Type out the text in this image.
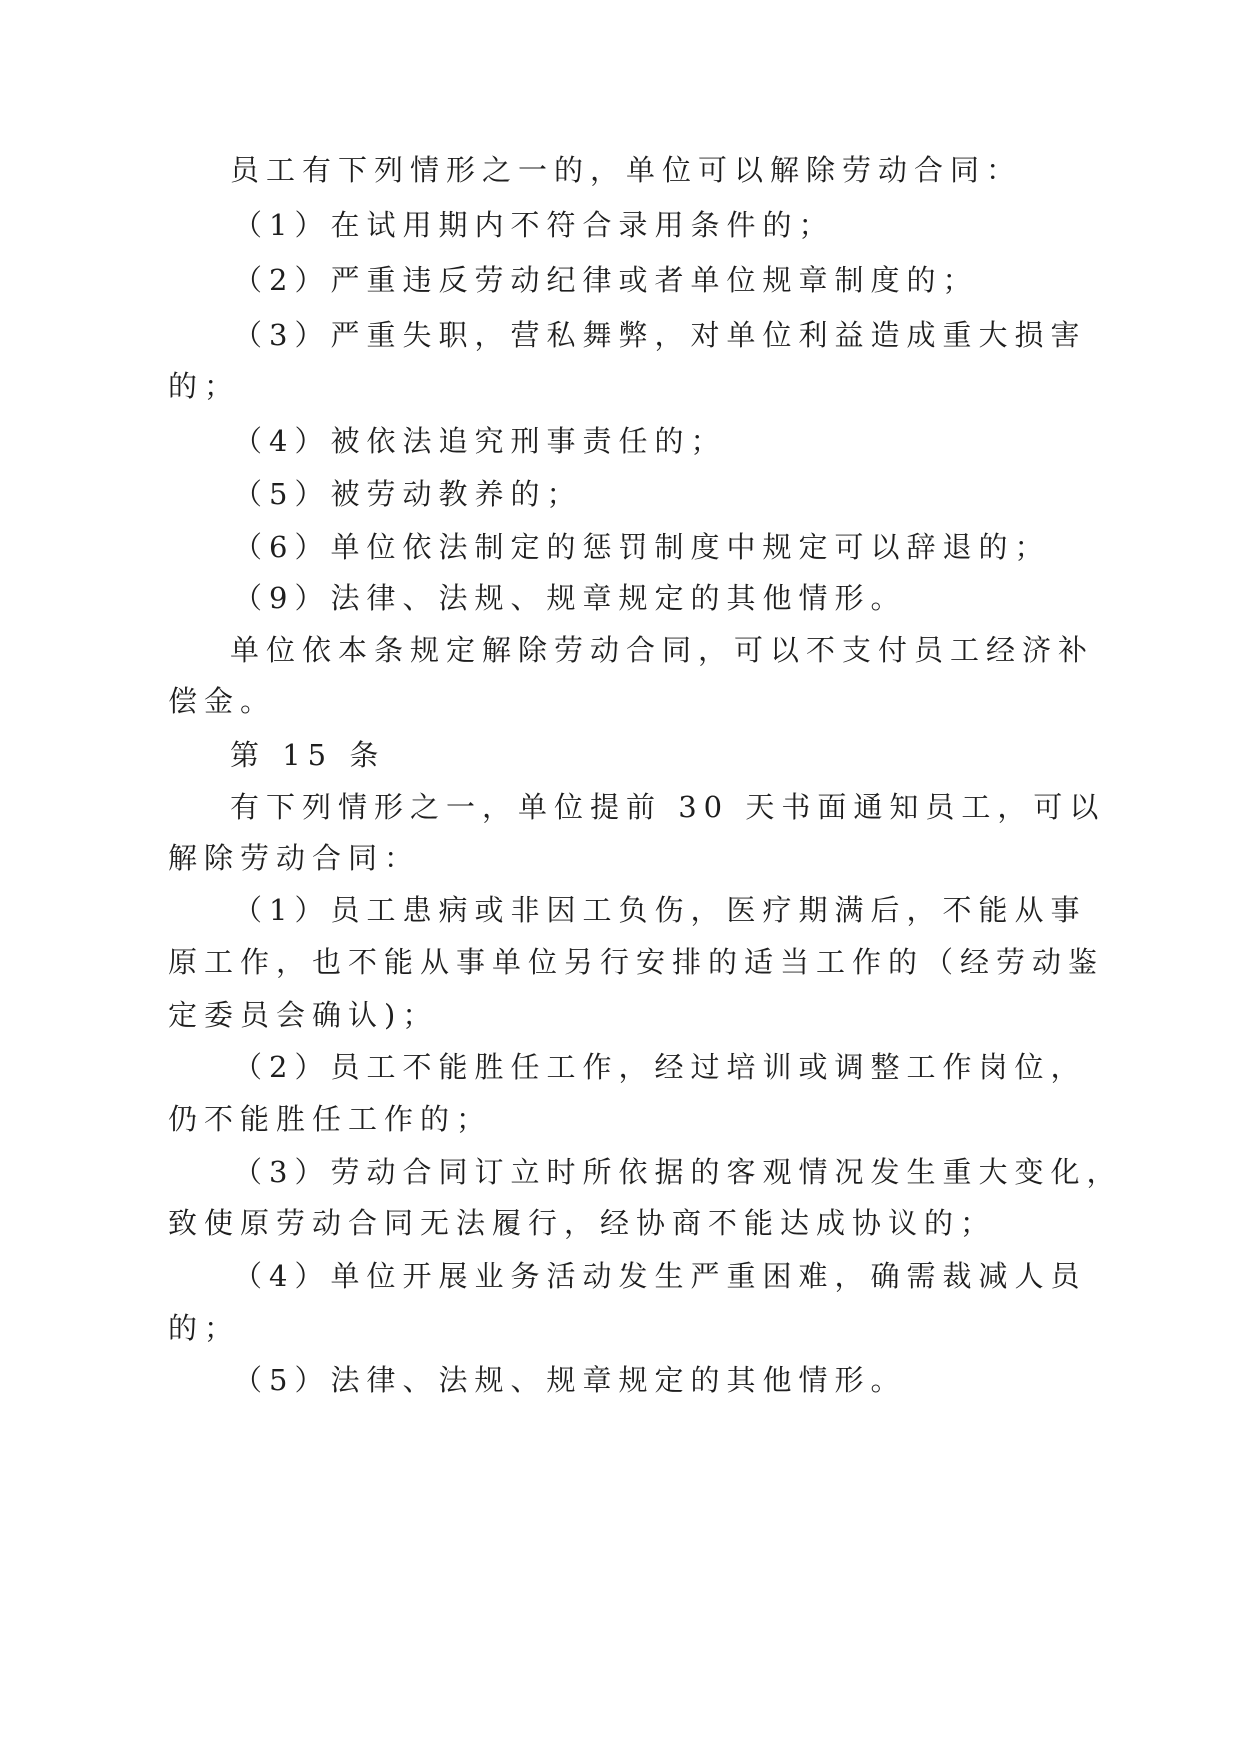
员工有下列情形之一的，单位可以解除劳动合同：

（1）在试用期内不符合录用条件的；

（2）严重违反劳动纪律或者单位规章制度的；

（3）严重失职，营私舞弊，对单位利益造成重大损害

的；

（4）被依法追究刑事责任的；

（5）被劳动教养的；

（6）单位依法制定的惩罚制度中规定可以辞退的；

（9）法律、法规、规章规定的其他情形。

单位依本条规定解除劳动合同，可以不支付员工经济补

偿金。

第 15 条

有下列情形之一，单位提前 30 天书面通知员工，可以

解除劳动合同：

（1）员工患病或非因工负伤，医疗期满后，不能从事

原工作，也不能从事单位另行安排的适当工作的（经劳动鉴

定委员会确认)；

（2）员工不能胜任工作，经过培训或调整工作岗位，

仍不能胜任工作的；

（3）劳动合同订立时所依据的客观情况发生重大变化，

致使原劳动合同无法履行，经协商不能达成协议的；

（4）单位开展业务活动发生严重困难，确需裁减人员

的；

（5）法律、法规、规章规定的其他情形。
